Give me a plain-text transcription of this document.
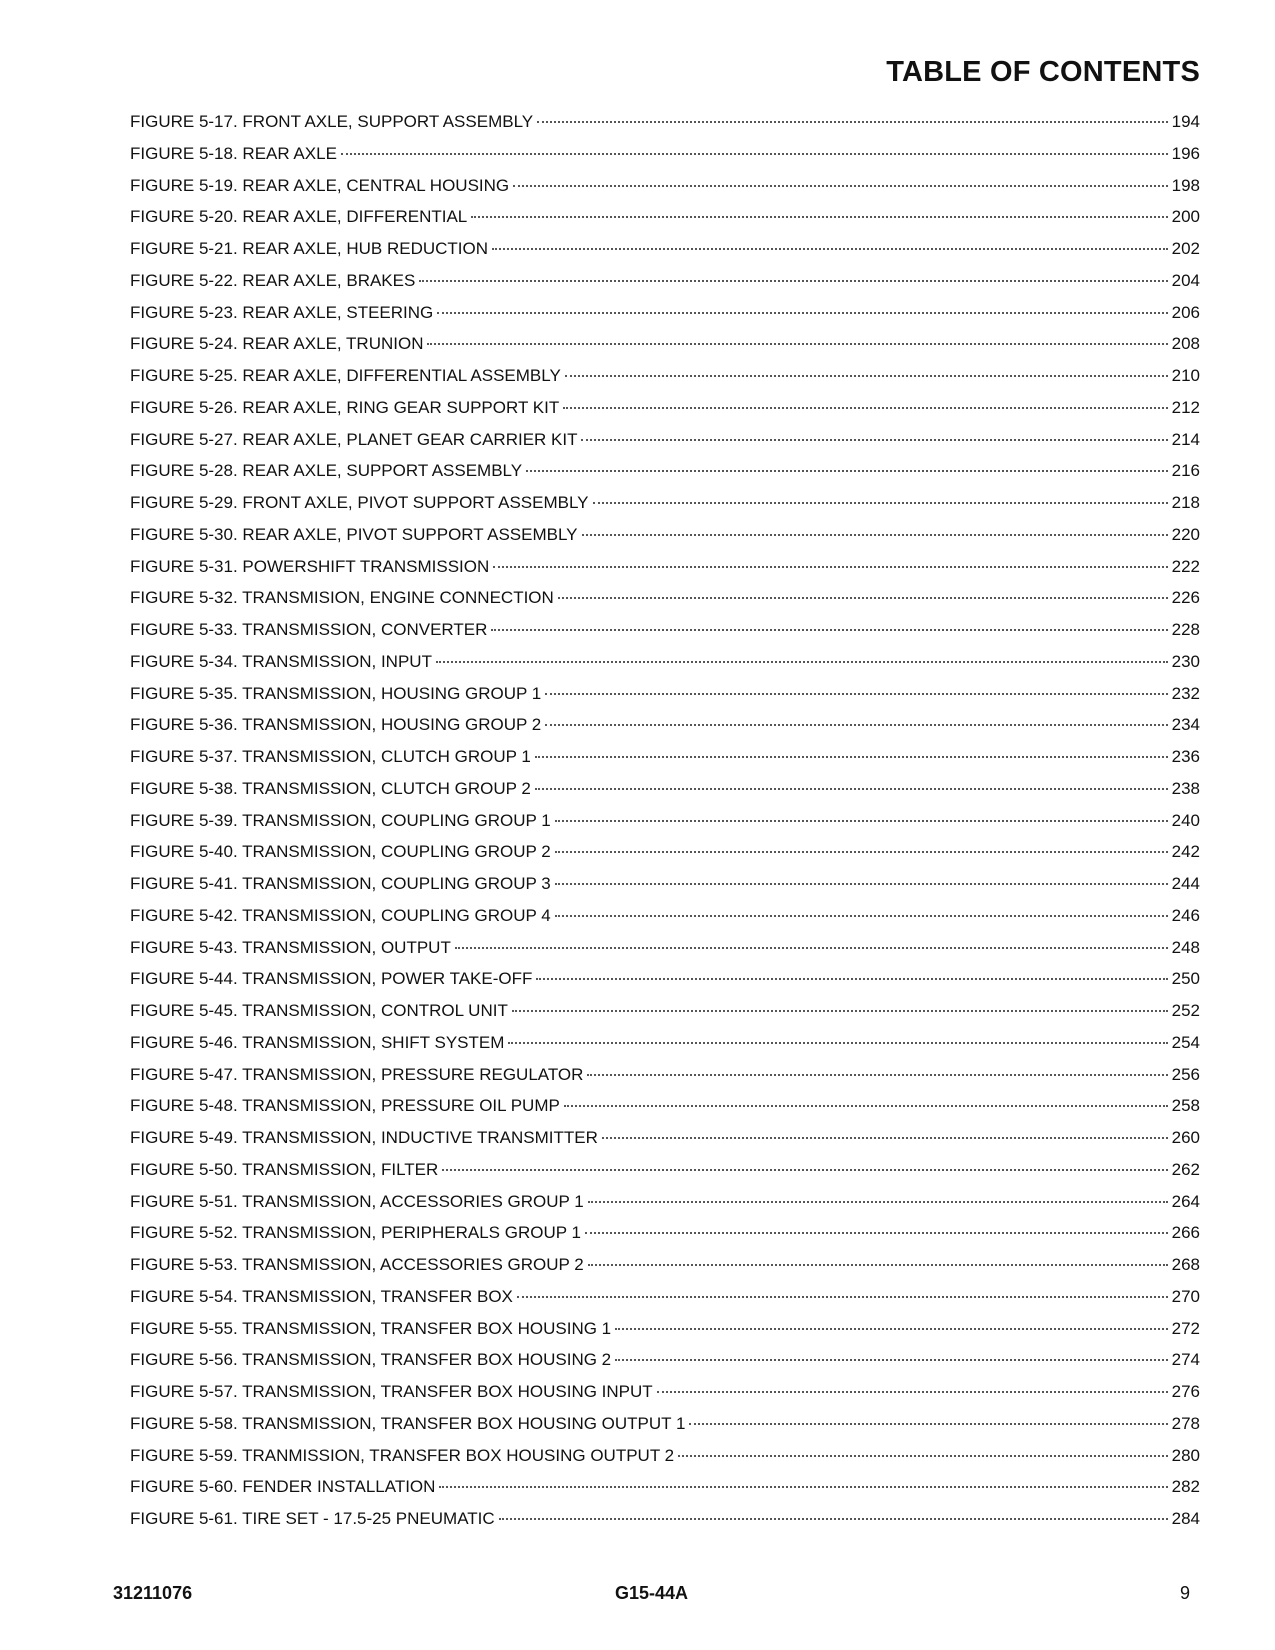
TABLE OF CONTENTS
FIGURE 5-17. FRONT AXLE, SUPPORT ASSEMBLY	194
FIGURE 5-18. REAR AXLE	196
FIGURE 5-19. REAR AXLE, CENTRAL HOUSING	198
FIGURE 5-20. REAR AXLE, DIFFERENTIAL	200
FIGURE 5-21. REAR AXLE, HUB REDUCTION	202
FIGURE 5-22. REAR AXLE, BRAKES	204
FIGURE 5-23. REAR AXLE, STEERING	206
FIGURE 5-24. REAR AXLE, TRUNION	208
FIGURE 5-25. REAR AXLE, DIFFERENTIAL ASSEMBLY	210
FIGURE 5-26. REAR AXLE, RING GEAR SUPPORT KIT	212
FIGURE 5-27. REAR AXLE, PLANET GEAR CARRIER KIT	214
FIGURE 5-28. REAR AXLE, SUPPORT ASSEMBLY	216
FIGURE 5-29. FRONT AXLE, PIVOT SUPPORT ASSEMBLY	218
FIGURE 5-30. REAR AXLE, PIVOT SUPPORT ASSEMBLY	220
FIGURE 5-31. POWERSHIFT TRANSMISSION	222
FIGURE 5-32. TRANSMISION, ENGINE CONNECTION	226
FIGURE 5-33. TRANSMISSION, CONVERTER	228
FIGURE 5-34. TRANSMISSION, INPUT	230
FIGURE 5-35. TRANSMISSION, HOUSING GROUP 1	232
FIGURE 5-36. TRANSMISSION, HOUSING GROUP 2	234
FIGURE 5-37. TRANSMISSION, CLUTCH GROUP 1	236
FIGURE 5-38. TRANSMISSION, CLUTCH GROUP 2	238
FIGURE 5-39. TRANSMISSION, COUPLING GROUP 1	240
FIGURE 5-40. TRANSMISSION, COUPLING GROUP 2	242
FIGURE 5-41. TRANSMISSION, COUPLING GROUP 3	244
FIGURE 5-42. TRANSMISSION, COUPLING GROUP 4	246
FIGURE 5-43. TRANSMISSION, OUTPUT	248
FIGURE 5-44. TRANSMISSION, POWER TAKE-OFF	250
FIGURE 5-45. TRANSMISSION, CONTROL UNIT	252
FIGURE 5-46. TRANSMISSION, SHIFT SYSTEM	254
FIGURE 5-47. TRANSMISSION, PRESSURE REGULATOR	256
FIGURE 5-48. TRANSMISSION, PRESSURE OIL PUMP	258
FIGURE 5-49. TRANSMISSION, INDUCTIVE TRANSMITTER	260
FIGURE 5-50. TRANSMISSION, FILTER	262
FIGURE 5-51. TRANSMISSION, ACCESSORIES GROUP 1	264
FIGURE 5-52. TRANSMISSION, PERIPHERALS GROUP 1	266
FIGURE 5-53. TRANSMISSION, ACCESSORIES GROUP 2	268
FIGURE 5-54. TRANSMISSION, TRANSFER BOX	270
FIGURE 5-55. TRANSMISSION, TRANSFER BOX HOUSING 1	272
FIGURE 5-56. TRANSMISSION, TRANSFER BOX HOUSING 2	274
FIGURE 5-57. TRANSMISSION, TRANSFER BOX HOUSING INPUT	276
FIGURE 5-58. TRANSMISSION, TRANSFER BOX HOUSING OUTPUT 1	278
FIGURE 5-59. TRANMISSION, TRANSFER BOX HOUSING OUTPUT 2	280
FIGURE 5-60. FENDER INSTALLATION	282
FIGURE 5-61. TIRE SET - 17.5-25 PNEUMATIC	284
31211076	G15-44A	9
